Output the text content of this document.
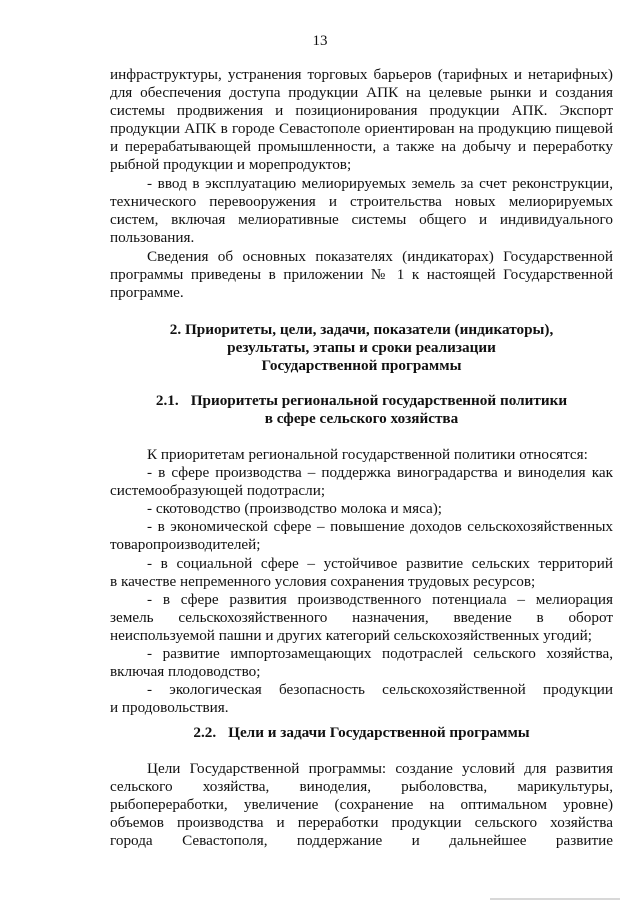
13
инфраструктуры, устранения торговых барьеров (тарифных и нетарифных)
для обеспечения доступа продукции АПК на целевые рынки и создания
системы продвижения и позиционирования продукции АПК. Экспорт
продукции АПК в городе Севастополе ориентирован на продукцию пищевой
и перерабатывающей промышленности, а также на добычу и переработку
рыбной продукции и морепродуктов;
- ввод в эксплуатацию мелиорируемых земель за счет реконструкции,
технического перевооружения и строительства новых мелиорируемых
систем, включая мелиоративные системы общего и индивидуального
пользования.
Сведения об основных показателях (индикаторах) Государственной
программы приведены в приложении № 1 к настоящей Государственной
программе.
2. Приоритеты, цели, задачи, показатели (индикаторы),
результаты, этапы и сроки реализации
Государственной программы
2.1. Приоритеты региональной государственной политики
в сфере сельского хозяйства
К приоритетам региональной государственной политики относятся:
- в сфере производства – поддержка виноградарства и виноделия как
системообразующей подотрасли;
- скотоводство (производство молока и мяса);
- в экономической сфере – повышение доходов сельскохозяйственных
товаропроизводителей;
- в социальной сфере – устойчивое развитие сельских территорий
в качестве непременного условия сохранения трудовых ресурсов;
- в сфере развития производственного потенциала – мелиорация
земель сельскохозяйственного назначения, введение в оборот
неиспользуемой пашни и других категорий сельскохозяйственных угодий;
- развитие импортозамещающих подотраслей сельского хозяйства,
включая плодоводство;
- экологическая безопасность сельскохозяйственной продукции
и продовольствия.
2.2. Цели и задачи Государственной программы
Цели Государственной программы: создание условий для развития
сельского хозяйства, виноделия, рыболовства, марикультуры,
рыбопереработки, увеличение (сохранение на оптимальном уровне)
объемов производства и переработки продукции сельского хозяйства
города Севастополя, поддержание и дальнейшее развитие
